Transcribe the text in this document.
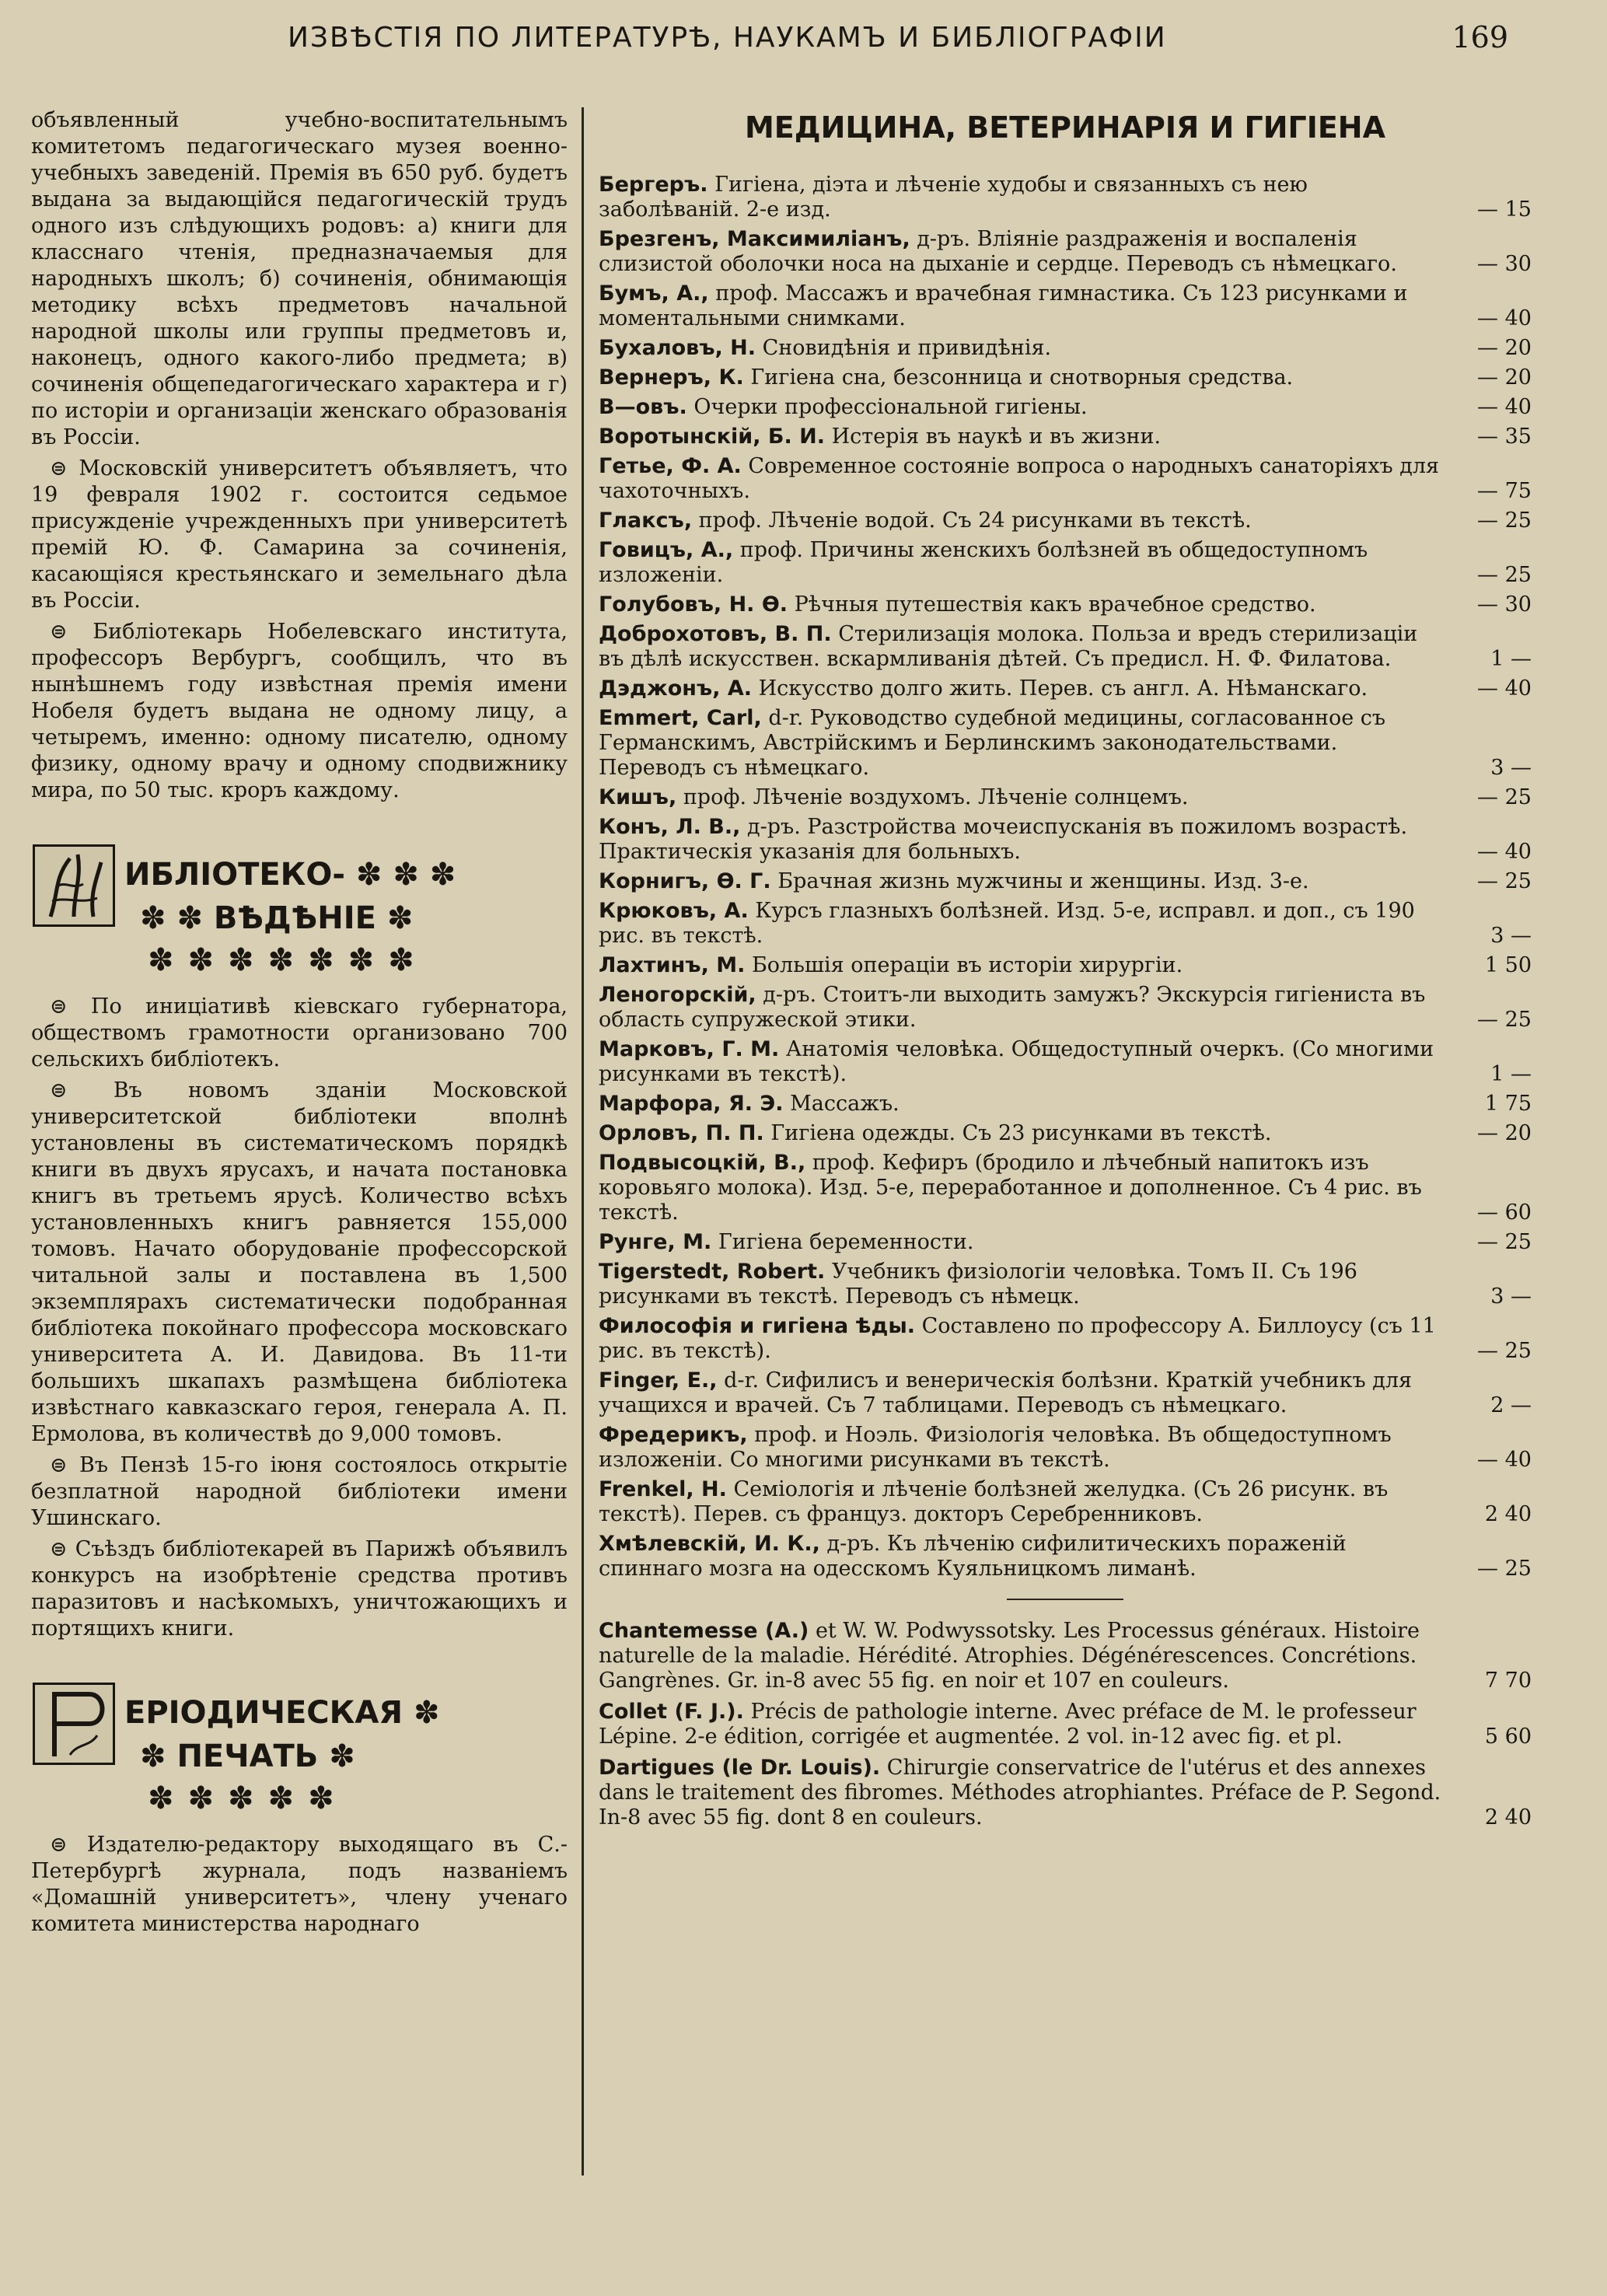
ИЗВѢСТІЯ ПО ЛИТЕРАТУРѢ, НАУКАМЪ И БИБЛІОГРАФІИ	169

объявленный учебно-воспитательнымъ комитетомъ педагогическаго музея военно-учебныхъ заведеній. Премія въ 650 руб. будетъ выдана за выдающійся педагогическій трудъ одного изъ слѣдующихъ родовъ: а) книги для класснаго чтенія, предназначаемыя для народныхъ школъ; б) сочиненія, обнимающія методику всѣхъ предметовъ начальной народной школы или группы предметовъ и, наконецъ, одного какого-либо предмета; в) сочиненія общепедагогическаго характера и г) по исторіи и организаціи женскаго образованія въ Россіи.

⊜ Московскій университетъ объявляетъ, что 19 февраля 1902 г. состоится седьмое присужденіе учрежденныхъ при университетѣ премій Ю. Ф. Самарина за сочиненія, касающіяся крестьянскаго и земельнаго дѣла въ Россіи.

⊜ Библіотекарь Нобелевскаго института, профессоръ Вербургъ, сообщилъ, что въ нынѣшнемъ году извѣстная премія имени Нобеля будетъ выдана не одному лицу, а четыремъ, именно: одному писателю, одному физику, одному врачу и одному сподвижнику мира, по 50 тыс. кроръ каждому.

ИБЛІОТЕКО- ✽ ✽ ✽
✽ ✽ ВѢДѢНІЕ ✽
✽✽✽✽✽✽✽

⊜ По иниціативѣ кіевскаго губернатора, обществомъ грамотности организовано 700 сельскихъ библіотекъ.

⊜ Въ новомъ зданіи Московской университетской библіотеки вполнѣ установлены въ систематическомъ порядкѣ книги въ двухъ ярусахъ, и начата постановка книгъ въ третьемъ ярусѣ. Количество всѣхъ установленныхъ книгъ равняется 155,000 томовъ. Начато оборудованіе профессорской читальной залы и поставлена въ 1,500 экземплярахъ систематически подобранная библіотека покойнаго профессора московскаго университета А. И. Давидова. Въ 11-ти большихъ шкапахъ размѣщена библіотека извѣстнаго кавказскаго героя, генерала А. П. Ермолова, въ количествѣ до 9,000 томовъ.

⊜ Въ Пензѣ 15-го іюня состоялось открытіе безплатной народной библіотеки имени Ушинскаго.

⊜ Съѣздъ библіотекарей въ Парижѣ объявилъ конкурсъ на изобрѣтеніе средства противъ паразитовъ и насѣкомыхъ, уничтожающихъ и портящихъ книги.

ЕРІОДИЧЕСКАЯ ✽
✽ ПЕЧАТЬ ✽
✽✽✽✽✽

⊜ Издателю-редактору выходящаго въ С.-Петербургѣ журнала, подъ названіемъ «Домашній университетъ», члену ученаго комитета министерства народнаго

МЕДИЦИНА, ВЕТЕРИНАРІЯ И ГИГІЕНА
Бергеръ. Гигіена, діэта и лѣченіе худобы и связанныхъ съ нею заболѣваній. 2-е изд.	— 15
Брезгенъ, Максимиліанъ, д-ръ. Вліяніе раздраженія и воспаленія слизистой оболочки носа на дыханіе и сердце. Переводъ съ нѣмецкаго.	— 30
Бумъ, А., проф. Массажъ и врачебная гимнастика. Съ 123 рисунками и моментальными снимками.	— 40
Бухаловъ, Н. Сновидѣнія и привидѣнія.	— 20
Вернеръ, К. Гигіена сна, безсонница и снотворныя средства.	— 20
В—овъ. Очерки профессіональной гигіены.	— 40
Воротынскій, Б. И. Истерія въ наукѣ и въ жизни.	— 35
Гетье, Ф. А. Современное состояніе вопроса о народныхъ санаторіяхъ для чахоточныхъ.	— 75
Глаксъ, проф. Лѣченіе водой. Съ 24 рисунками въ текстѣ.	— 25
Говицъ, А., проф. Причины женскихъ болѣзней въ общедоступномъ изложеніи.	— 25
Голубовъ, Н. Ѳ. Рѣчныя путешествія какъ врачебное средство.	— 30
Доброхотовъ, В. П. Стерилизація молока. Польза и вредъ стерилизаціи въ дѣлѣ искусствен. вскармливанія дѣтей. Съ предисл. Н. Ф. Филатова.	1 —
Дэджонъ, А. Искусство долго жить. Перев. съ англ. А. Нѣманскаго.	— 40
Emmert, Carl, d-r. Руководство судебной медицины, согласованное съ Германскимъ, Австрійскимъ и Берлинскимъ законодательствами. Переводъ съ нѣмецкаго.	3 —
Кишъ, проф. Лѣченіе воздухомъ. Лѣченіе солнцемъ.	— 25
Конъ, Л. В., д-ръ. Разстройства мочеиспусканія въ пожиломъ возрастѣ. Практическія указанія для больныхъ.	— 40
Корнигъ, Ѳ. Г. Брачная жизнь мужчины и женщины. Изд. 3-е.	— 25
Крюковъ, А. Курсъ глазныхъ болѣзней. Изд. 5-е, исправл. и доп., съ 190 рис. въ текстѣ.	3 —
Лахтинъ, М. Большія операціи въ исторіи хирургіи.	1 50
Леногорскій, д-ръ. Стоитъ-ли выходить замужъ? Экскурсія гигіениста въ область супружеской этики.	— 25
Марковъ, Г. М. Анатомія человѣка. Общедоступный очеркъ. (Со многими рисунками въ текстѣ).	1 —
Марфора, Я. Э. Массажъ.	1 75
Орловъ, П. П. Гигіена одежды. Съ 23 рисунками въ текстѣ.	— 20
Подвысоцкій, В., проф. Кефиръ (бродило и лѣчебный напитокъ изъ коровьяго молока). Изд. 5-е, переработанное и дополненное. Съ 4 рис. въ текстѣ.	— 60
Рунге, М. Гигіена беременности.	— 25
Tigerstedt, Robert. Учебникъ физіологіи человѣка. Томъ II. Съ 196 рисунками въ текстѣ. Переводъ съ нѣмецк.	3 —
Философія и гигіена ѣды. Составлено по профессору А. Биллоусу (съ 11 рис. въ текстѣ).	— 25
Finger, E., d-r. Сифилисъ и венерическія болѣзни. Краткій учебникъ для учащихся и врачей. Съ 7 таблицами. Переводъ съ нѣмецкаго.	2 —
Фредерикъ, проф. и Ноэль. Физіологія человѣка. Въ общедоступномъ изложеніи. Со многими рисунками въ текстѣ.	— 40
Frenkel, H. Семіологія и лѣченіе болѣзней желудка. (Съ 26 рисунк. въ текстѣ). Перев. съ француз. докторъ Серебренниковъ.	2 40
Хмѣлевскій, И. К., д-ръ. Къ лѣченію сифилитическихъ пораженій спиннаго мозга на одесскомъ Куяльницкомъ лиманѣ.	— 25
Chantemesse (A.) et W. W. Podwyssotsky. Les Processus généraux. Histoire naturelle de la maladie. Hérédité. Atrophies. Dégénérescences. Concrétions. Gangrènes. Gr. in-8 avec 55 fig. en noir et 107 en couleurs.	7 70
Collet (F. J.). Précis de pathologie interne. Avec préface de M. le professeur Lépine. 2-e édition, corrigée et augmentée. 2 vol. in-12 avec fig. et pl.	5 60
Dartigues (le Dr. Louis). Chirurgie conservatrice de l'utérus et des annexes dans le traitement des fibromes. Méthodes atrophiantes. Préface de P. Segond. In-8 avec 55 fig. dont 8 en couleurs.	2 40
